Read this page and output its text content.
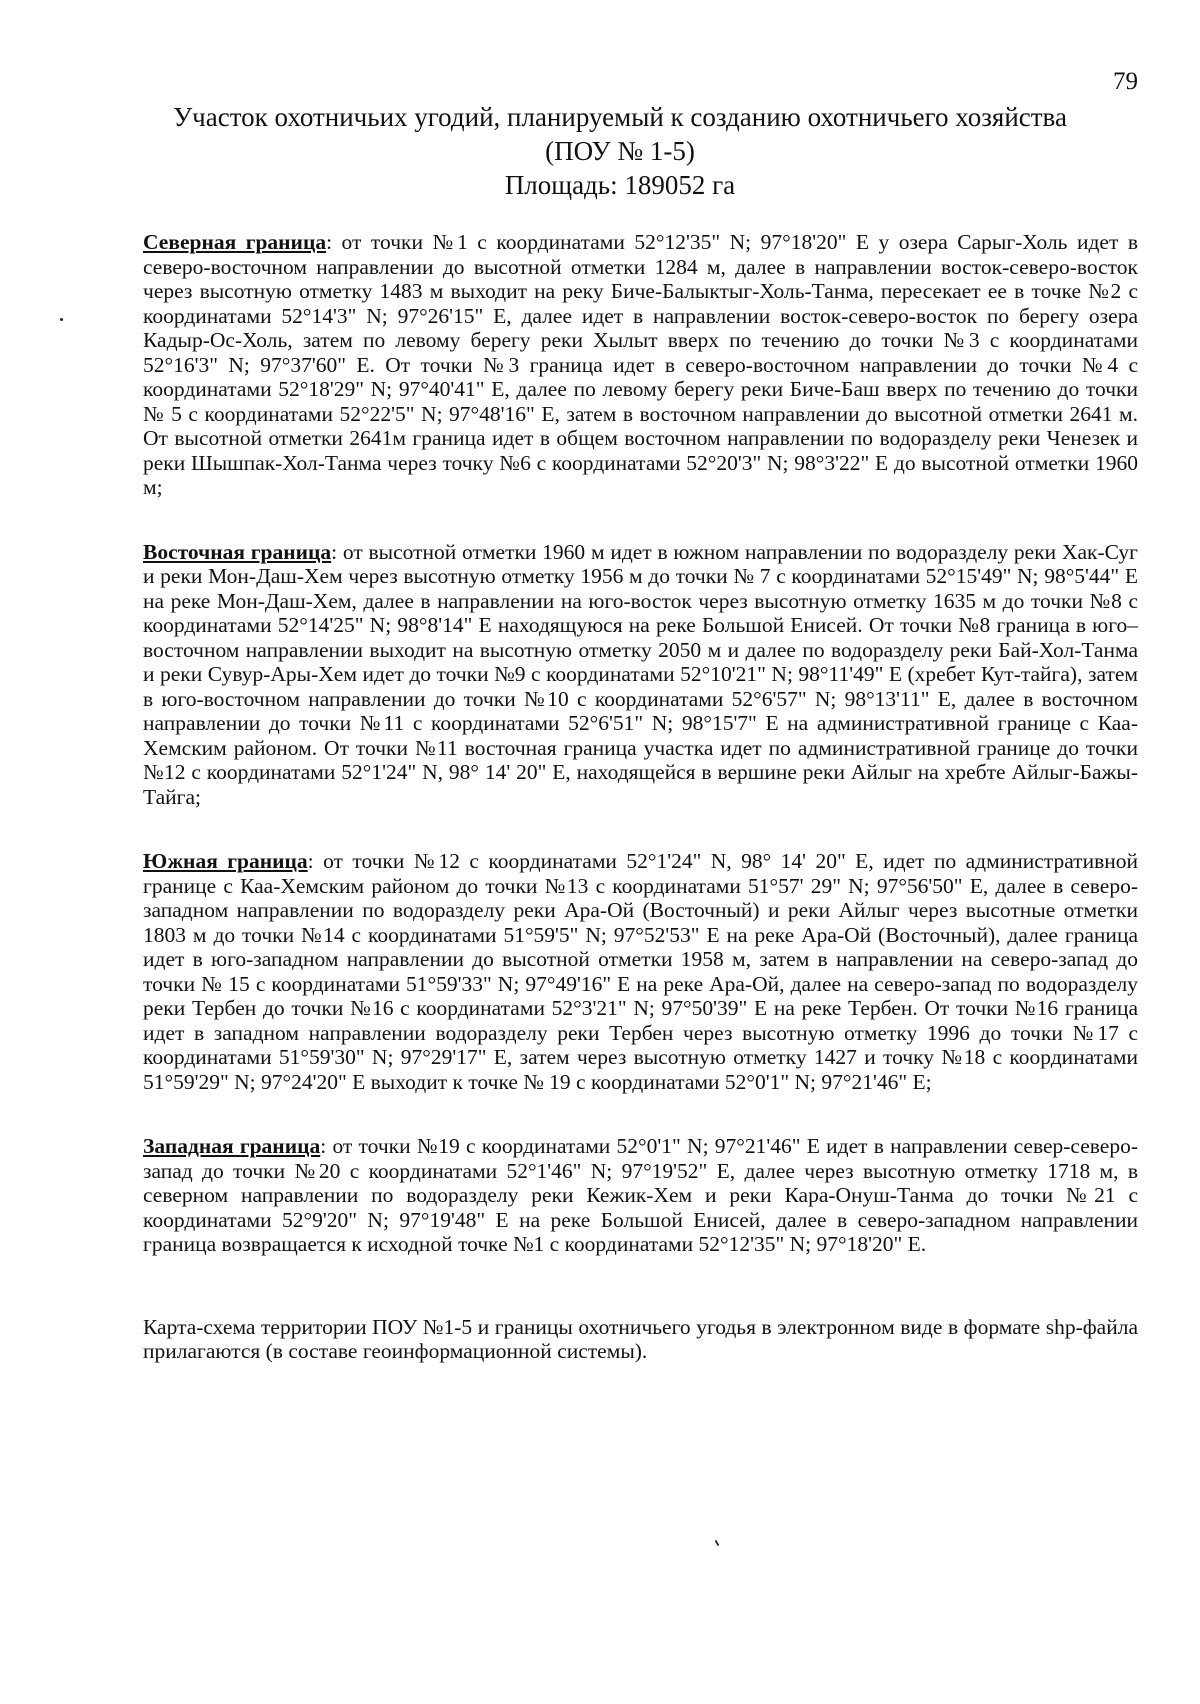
79
Участок охотничьих угодий, планируемый к созданию охотничьего хозяйства
(ПОУ № 1-5)
Площадь: 189052 га

Северная граница: от точки №1 с координатами 52°12'35" N; 97°18'20" E у озера Сарыг-Холь идет в северо-восточном направлении до высотной отметки 1284 м, далее в направлении восток-северо-восток через высотную отметку 1483 м выходит на реку Биче-Балыктыг-Холь-Танма, пересекает ее в точке №2 с координатами 52°14'3" N; 97°26'15" E, далее идет в направлении восток-северо-восток по берегу озера Кадыр-Ос-Холь, затем по левому берегу реки Хылыт вверх по течению до точки №3 с координатами 52°16'3" N; 97°37'60" E. От точки №3 граница идет в северо-восточном направлении до точки №4 с координатами 52°18'29" N; 97°40'41" E, далее по левому берегу реки Биче-Баш вверх по течению до точки № 5 с координатами 52°22'5" N; 97°48'16" E, затем в восточном направлении до высотной отметки 2641 м. От высотной отметки 2641м граница идет в общем восточном направлении по водоразделу реки Ченезек и реки Шышпак-Хол-Танма через точку №6 с координатами 52°20'3" N; 98°3'22" E до высотной отметки 1960 м;

Восточная граница: от высотной отметки 1960 м идет в южном направлении по водоразделу реки Хак-Суг и реки Мон-Даш-Хем через высотную отметку 1956 м до точки № 7 с координатами 52°15'49" N; 98°5'44" E на реке Мон-Даш-Хем, далее в направлении на юго-восток через высотную отметку 1635 м до точки №8 с координатами 52°14'25" N; 98°8'14" E находящуюся на реке Большой Енисей. От точки №8 граница в юго–восточном направлении выходит на высотную отметку 2050 м и далее по водоразделу реки Бай-Хол-Танма и реки Сувур-Ары-Хем идет до точки №9 с координатами 52°10'21" N; 98°11'49" E (хребет Кут-тайга), затем в юго-восточном направлении до точки №10 с координатами 52°6'57" N; 98°13'11" E, далее в восточном направлении до точки №11 с координатами 52°6'51" N; 98°15'7" E на административной границе с Каа-Хемским районом. От точки №11 восточная граница участка идет по административной границе до точки №12 с координатами 52°1'24" N, 98° 14' 20" E, находящейся в вершине реки Айлыг на хребте Айлыг-Бажы-Тайга;

Южная граница: от точки №12 с координатами 52°1'24" N, 98° 14' 20" E, идет по административной границе с Каа-Хемским районом до точки №13 с координатами 51°57' 29" N; 97°56'50" E, далее в северо-западном направлении по водоразделу реки Ара-Ой (Восточный) и реки Айлыг через высотные отметки 1803 м до точки №14 с координатами 51°59'5" N; 97°52'53" E на реке Ара-Ой (Восточный), далее граница идет в юго-западном направлении до высотной отметки 1958 м, затем в направлении на северо-запад до точки № 15 с координатами 51°59'33" N; 97°49'16" E на реке Ара-Ой, далее на северо-запад по водоразделу реки Тербен до точки №16 с координатами 52°3'21" N; 97°50'39" E на реке Тербен. От точки №16 граница идет в западном направлении водоразделу реки Тербен через высотную отметку 1996 до точки №17 с координатами 51°59'30" N; 97°29'17" E, затем через высотную отметку 1427 и точку №18 с координатами 51°59'29" N; 97°24'20" E выходит к точке № 19 с координатами 52°0'1" N; 97°21'46" E;

Западная граница: от точки №19 с координатами 52°0'1" N; 97°21'46" E идет в направлении север-северо-запад до точки №20 с координатами 52°1'46" N; 97°19'52" E, далее через высотную отметку 1718 м, в северном направлении по водоразделу реки Кежик-Хем и реки Кара-Онуш-Танма до точки №21 с координатами 52°9'20" N; 97°19'48" E на реке Большой Енисей, далее в северо-западном направлении граница возвращается к исходной точке №1 с координатами 52°12'35" N; 97°18'20" E.

Карта-схема территории ПОУ №1-5 и границы охотничьего угодья в электронном виде в формате shp-файла прилагаются (в составе геоинформационной системы).
